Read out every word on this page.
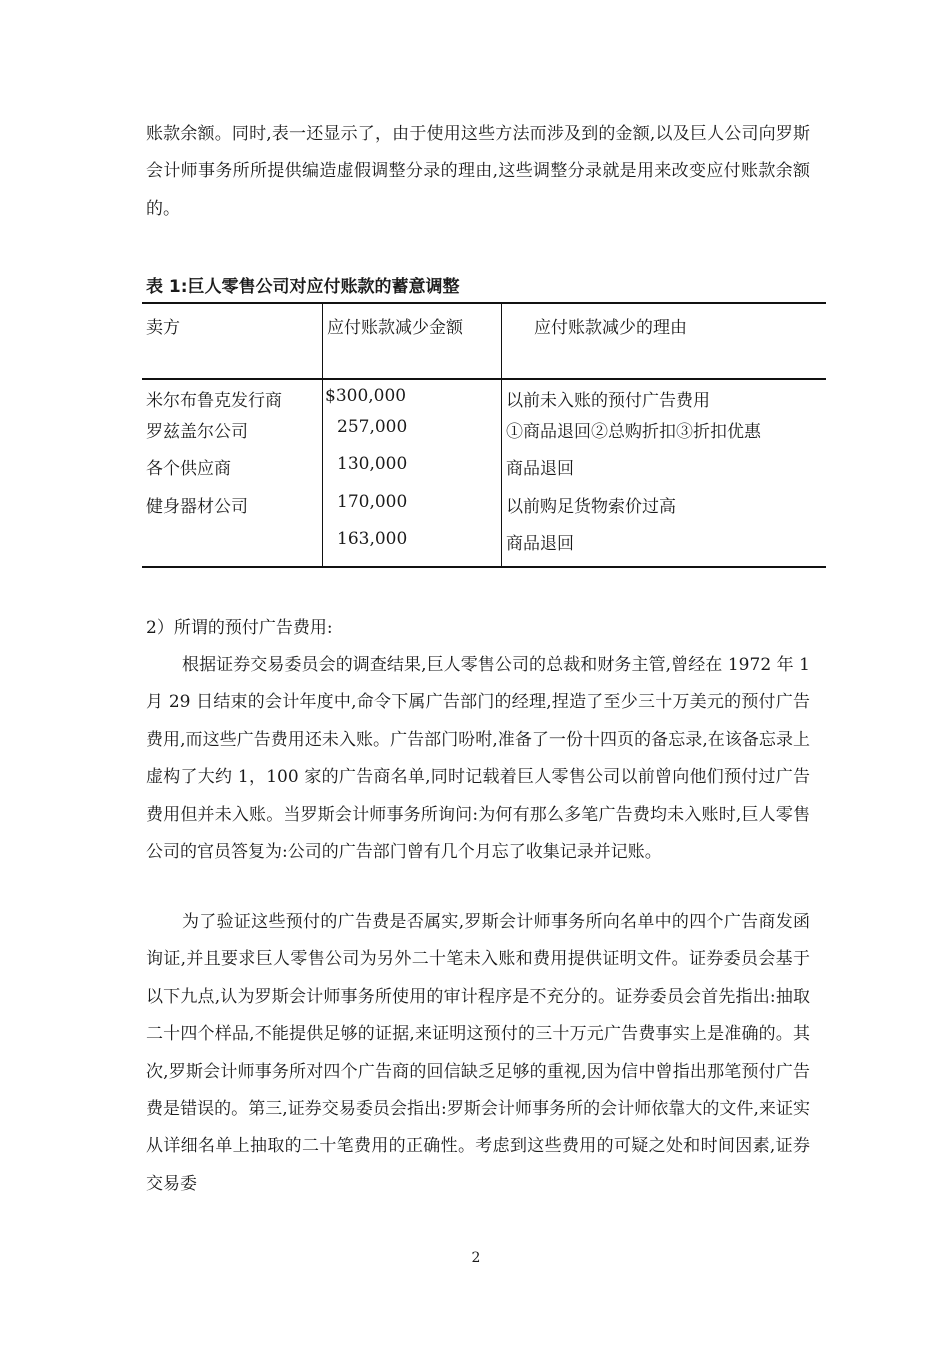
账款余额。同时,表一还显示了，由于使用这些方法而涉及到的金额,以及巨人公司向罗斯会计师事务所所提供编造虚假调整分录的理由,这些调整分录就是用来改变应付账款余额的。

表 1:巨人零售公司对应付账款的蓄意调整

卖方	应付账款减少金额	应付账款减少的理由
米尔布鲁克发行商	$300,000	以前未入账的预付广告费用
罗兹盖尔公司	257,000	①商品退回②总购折扣③折扣优惠
各个供应商	130,000	商品退回
健身器材公司	170,000	以前购足货物索价过高
	163,000	商品退回

2）所谓的预付广告费用:

根据证券交易委员会的调查结果,巨人零售公司的总裁和财务主管,曾经在 1972 年 1 月 29 日结束的会计年度中,命令下属广告部门的经理,捏造了至少三十万美元的预付广告费用,而这些广告费用还未入账。广告部门吩咐,准备了一份十四页的备忘录,在该备忘录上虚构了大约 1，100 家的广告商名单,同时记载着巨人零售公司以前曾向他们预付过广告费用但并未入账。当罗斯会计师事务所询问:为何有那么多笔广告费均未入账时,巨人零售公司的官员答复为:公司的广告部门曾有几个月忘了收集记录并记账。

为了验证这些预付的广告费是否属实,罗斯会计师事务所向名单中的四个广告商发函询证,并且要求巨人零售公司为另外二十笔未入账和费用提供证明文件。证券委员会基于以下九点,认为罗斯会计师事务所使用的审计程序是不充分的。证券委员会首先指出:抽取二十四个样品,不能提供足够的证据,来证明这预付的三十万元广告费事实上是准确的。其次,罗斯会计师事务所对四个广告商的回信缺乏足够的重视,因为信中曾指出那笔预付广告费是错误的。第三,证券交易委员会指出:罗斯会计师事务所的会计师依靠大的文件,来证实从详细名单上抽取的二十笔费用的正确性。考虑到这些费用的可疑之处和时间因素,证券交易委

2
